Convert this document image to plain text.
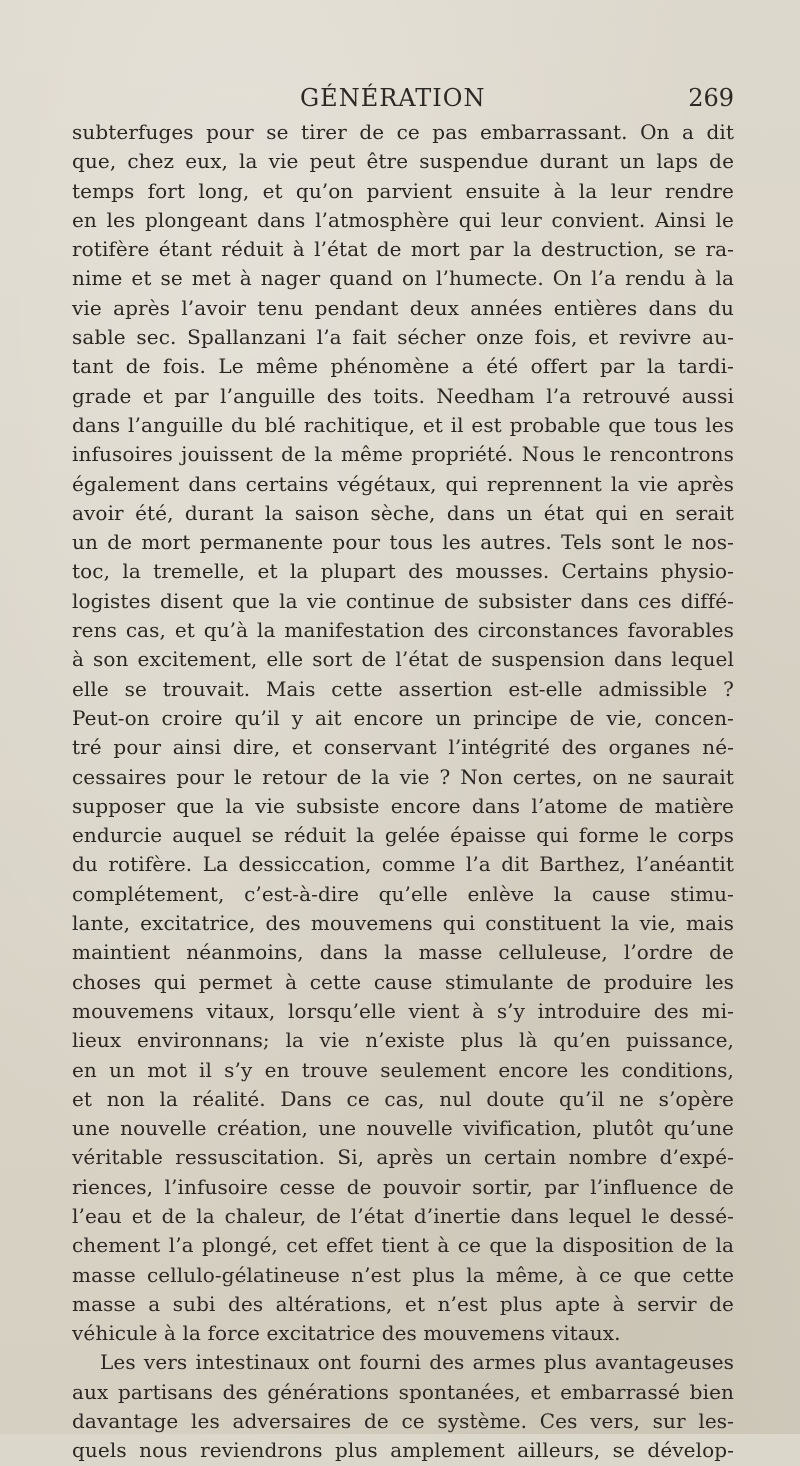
GÉNÉRATION	269
subterfuges pour se tirer de ce pas embarrassant. On a dit
que, chez eux, la vie peut être suspendue durant un laps de
temps fort long, et qu’on parvient ensuite à la leur rendre
en les plongeant dans l’atmosphère qui leur convient. Ainsi le
rotifère étant réduit à l’état de mort par la destruction, se ra-
nime et se met à nager quand on l’humecte. On l’a rendu à la
vie après l’avoir tenu pendant deux années entières dans du
sable sec. Spallanzani l’a fait sécher onze fois, et revivre au-
tant de fois. Le même phénomène a été offert par la tardi-
grade et par l’anguille des toits. Needham l’a retrouvé aussi
dans l’anguille du blé rachitique, et il est probable que tous les
infusoires jouissent de la même propriété. Nous le rencontrons
également dans certains végétaux, qui reprennent la vie après
avoir été, durant la saison sèche, dans un état qui en serait
un de mort permanente pour tous les autres. Tels sont le nos-
toc, la tremelle, et la plupart des mousses. Certains physio-
logistes disent que la vie continue de subsister dans ces diffé-
rens cas, et qu’à la manifestation des circonstances favorables
à son excitement, elle sort de l’état de suspension dans lequel
elle se trouvait. Mais cette assertion est-elle admissible ?
Peut-on croire qu’il y ait encore un principe de vie, concen-
tré pour ainsi dire, et conservant l’intégrité des organes né-
cessaires pour le retour de la vie ? Non certes, on ne saurait
supposer que la vie subsiste encore dans l’atome de matière
endurcie auquel se réduit la gelée épaisse qui forme le corps
du rotifère. La dessiccation, comme l’a dit Barthez, l’anéantit
complétement, c’est-à-dire qu’elle enlève la cause stimu-
lante, excitatrice, des mouvemens qui constituent la vie, mais
maintient néanmoins, dans la masse celluleuse, l’ordre de
choses qui permet à cette cause stimulante de produire les
mouvemens vitaux, lorsqu’elle vient à s’y introduire des mi-
lieux environnans; la vie n’existe plus là qu’en puissance,
en un mot il s’y en trouve seulement encore les conditions,
et non la réalité. Dans ce cas, nul doute qu’il ne s’opère
une nouvelle création, une nouvelle vivification, plutôt qu’une
véritable ressuscitation. Si, après un certain nombre d’expé-
riences, l’infusoire cesse de pouvoir sortir, par l’influence de
l’eau et de la chaleur, de l’état d’inertie dans lequel le dessé-
chement l’a plongé, cet effet tient à ce que la disposition de la
masse cellulo-gélatineuse n’est plus la même, à ce que cette
masse a subi des altérations, et n’est plus apte à servir de
véhicule à la force excitatrice des mouvemens vitaux.
Les vers intestinaux ont fourni des armes plus avantageuses
aux partisans des générations spontanées, et embarrassé bien
davantage les adversaires de ce système. Ces vers, sur les-
quels nous reviendrons plus amplement ailleurs, se dévelop-
